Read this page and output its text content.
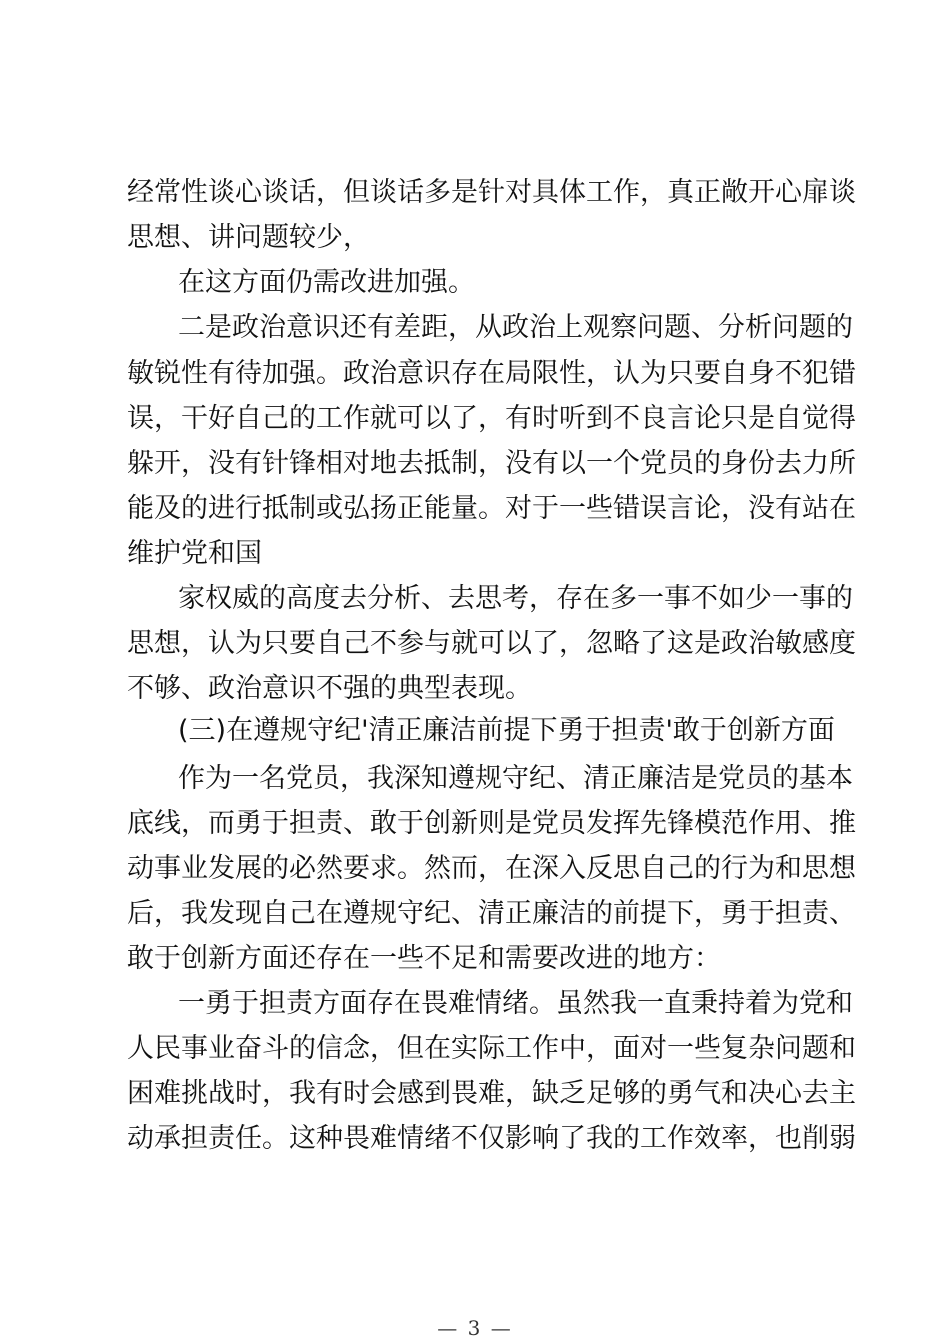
经常性谈心谈话，但谈话多是针对具体工作，真正敞开心扉谈
思想、讲问题较少，
在这方面仍需改进加强。
二是政治意识还有差距，从政治上观察问题、分析问题的
敏锐性有待加强。政治意识存在局限性，认为只要自身不犯错
误，干好自己的工作就可以了，有时听到不良言论只是自觉得
躲开，没有针锋相对地去抵制，没有以一个党员的身份去力所
能及的进行抵制或弘扬正能量。对于一些错误言论，没有站在
维护党和国
家权威的高度去分析、去思考，存在多一事不如少一事的
思想，认为只要自己不参与就可以了，忽略了这是政治敏感度
不够、政治意识不强的典型表现。
(三)在遵规守纪'清正廉洁前提下勇于担责'敢于创新方面
作为一名党员，我深知遵规守纪、清正廉洁是党员的基本
底线，而勇于担责、敢于创新则是党员发挥先锋模范作用、推
动事业发展的必然要求。然而，在深入反思自己的行为和思想
后，我发现自己在遵规守纪、清正廉洁的前提下，勇于担责、
敢于创新方面还存在一些不足和需要改进的地方：
一勇于担责方面存在畏难情绪。虽然我一直秉持着为党和
人民事业奋斗的信念，但在实际工作中，面对一些复杂问题和
困难挑战时，我有时会感到畏难，缺乏足够的勇气和决心去主
动承担责任。这种畏难情绪不仅影响了我的工作效率，也削弱
— 3 —
